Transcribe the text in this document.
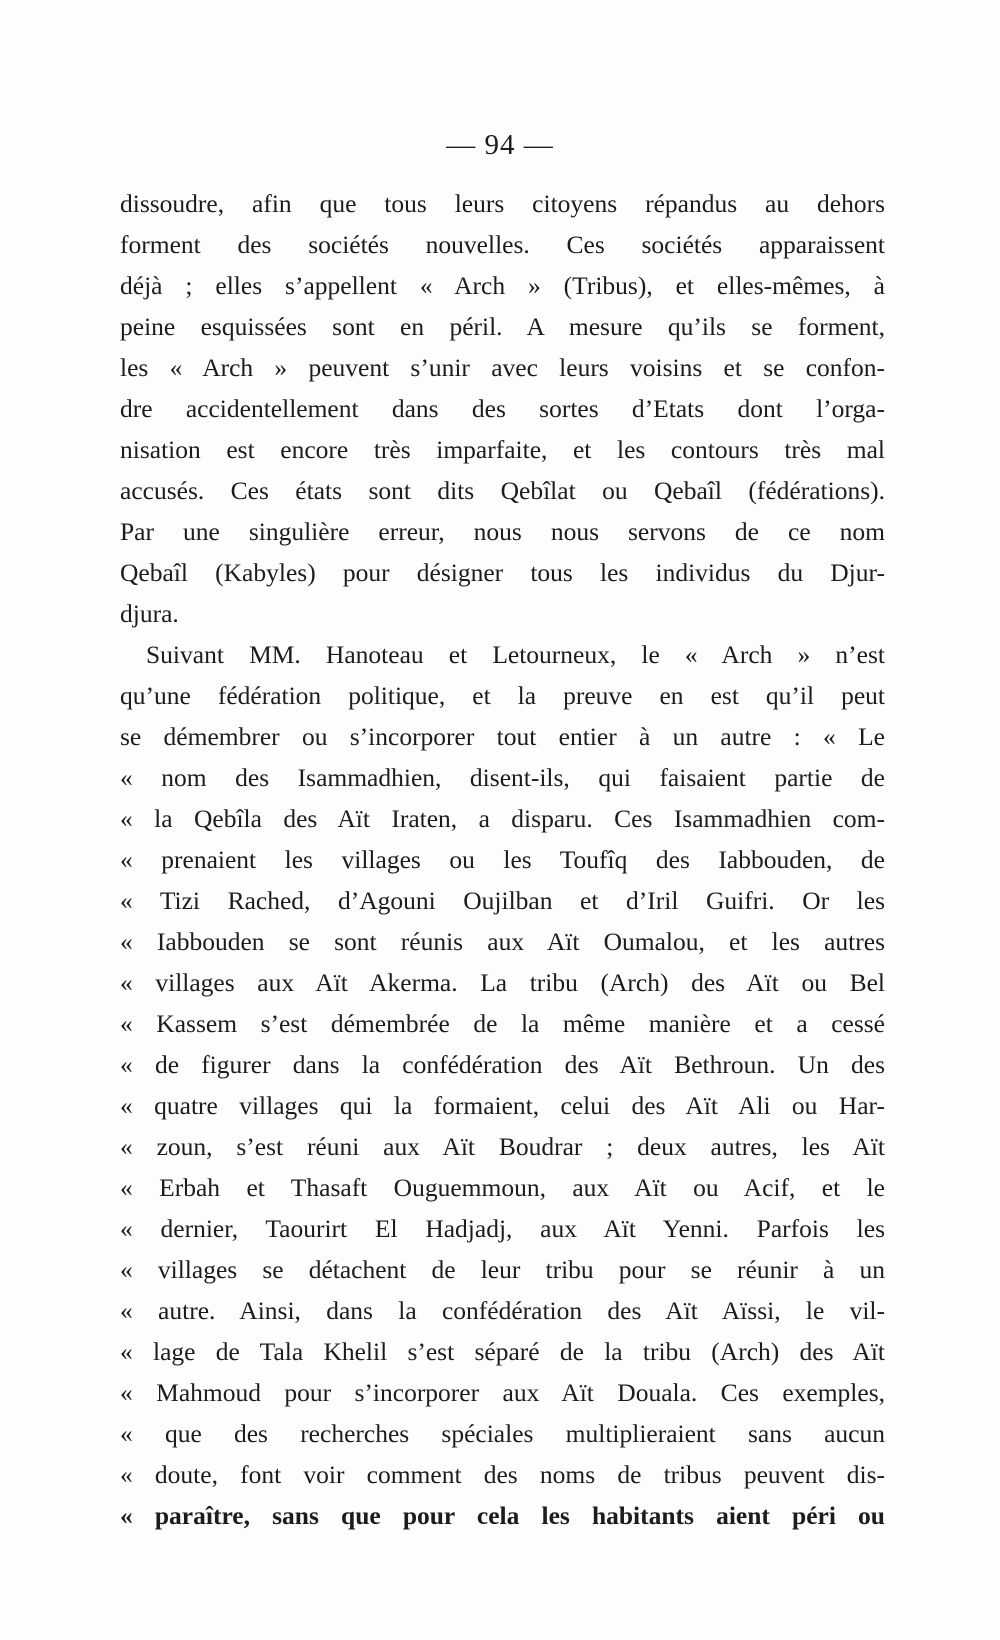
— 94 —
dissoudre, afin que tous leurs citoyens répandus au dehors
forment des sociétés nouvelles. Ces sociétés apparaissent
déjà ; elles s’appellent « Arch » (Tribus), et elles-mêmes, à
peine esquissées sont en péril. A mesure qu’ils se forment,
les « Arch » peuvent s’unir avec leurs voisins et se confon-
dre accidentellement dans des sortes d’Etats dont l’orga-
nisation est encore très imparfaite, et les contours très mal
accusés. Ces états sont dits Qebîlat ou Qebaîl (fédérations).
Par une singulière erreur, nous nous servons de ce nom
Qebaîl (Kabyles) pour désigner tous les individus du Djur-
djura.
Suivant MM. Hanoteau et Letourneux, le « Arch » n’est
qu’une fédération politique, et la preuve en est qu’il peut
se démembrer ou s’incorporer tout entier à un autre : « Le
« nom des Isammadhien, disent-ils, qui faisaient partie de
« la Qebîla des Aït Iraten, a disparu. Ces Isammadhien com-
« prenaient les villages ou les Toufîq des Iabbouden, de
« Tizi Rached, d’Agouni Oujilban et d’Iril Guifri. Or les
« Iabbouden se sont réunis aux Aït Oumalou, et les autres
« villages aux Aït Akerma. La tribu (Arch) des Aït ou Bel
« Kassem s’est démembrée de la même manière et a cessé
« de figurer dans la confédération des Aït Bethroun. Un des
« quatre villages qui la formaient, celui des Aït Ali ou Har-
« zoun, s’est réuni aux Aït Boudrar ; deux autres, les Aït
« Erbah et Thasaft Ouguemmoun, aux Aït ou Acif, et le
« dernier, Taourirt El Hadjadj, aux Aït Yenni. Parfois les
« villages se détachent de leur tribu pour se réunir à un
« autre. Ainsi, dans la confédération des Aït Aïssi, le vil-
« lage de Tala Khelil s’est séparé de la tribu (Arch) des Aït
« Mahmoud pour s’incorporer aux Aït Douala. Ces exemples,
« que des recherches spéciales multiplieraient sans aucun
« doute, font voir comment des noms de tribus peuvent dis-
« paraître, sans que pour cela les habitants aient péri ou
